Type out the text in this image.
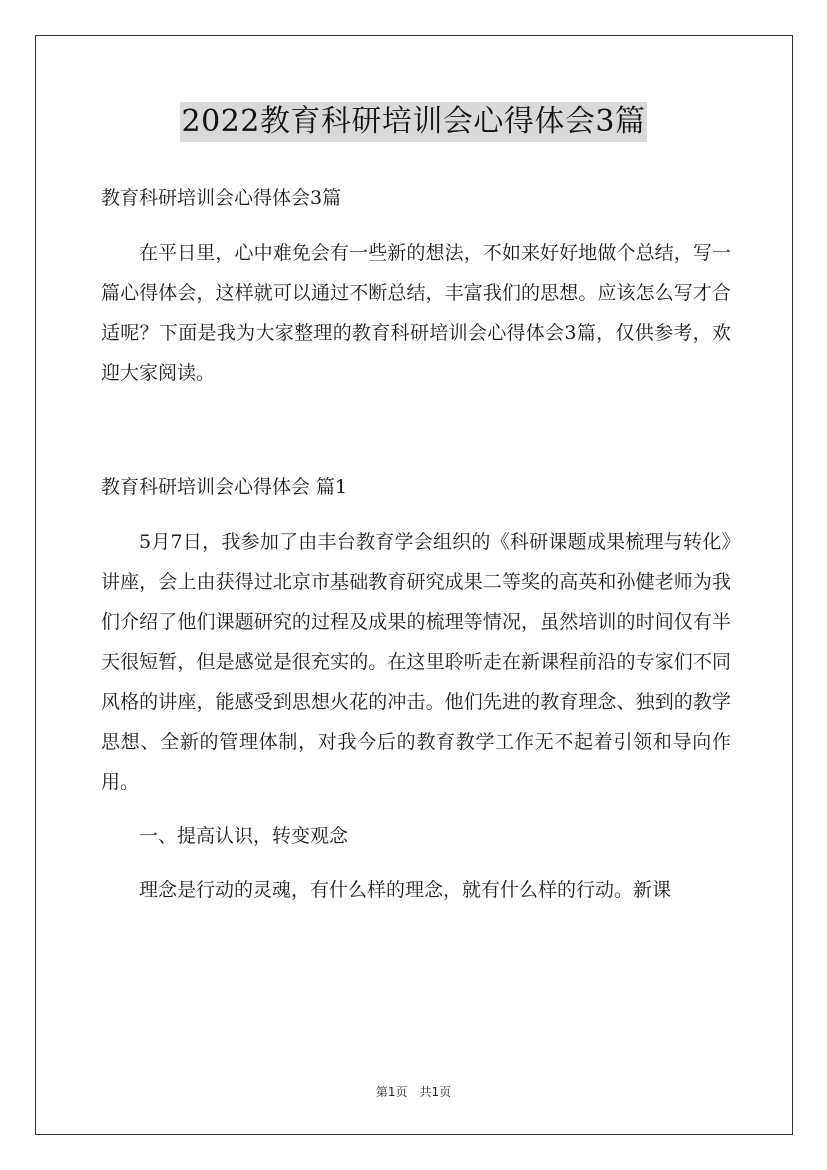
2022教育科研培训会心得体会3篇

教育科研培训会心得体会3篇

在平日里，心中难免会有一些新的想法，不如来好好地做个总结，写一篇心得体会，这样就可以通过不断总结，丰富我们的思想。应该怎么写才合适呢？下面是我为大家整理的教育科研培训会心得体会3篇，仅供参考，欢迎大家阅读。

教育科研培训会心得体会 篇1

5月7日，我参加了由丰台教育学会组织的《科研课题成果梳理与转化》讲座，会上由获得过北京市基础教育研究成果二等奖的高英和孙健老师为我们介绍了他们课题研究的过程及成果的梳理等情况，虽然培训的时间仅有半天很短暂，但是感觉是很充实的。在这里聆听走在新课程前沿的专家们不同风格的讲座，能感受到思想火花的冲击。他们先进的教育理念、独到的教学思想、全新的管理体制，对我今后的教育教学工作无不起着引领和导向作用。

一、提高认识，转变观念

理念是行动的灵魂，有什么样的理念，就有什么样的行动。新课

第1页 共1页
